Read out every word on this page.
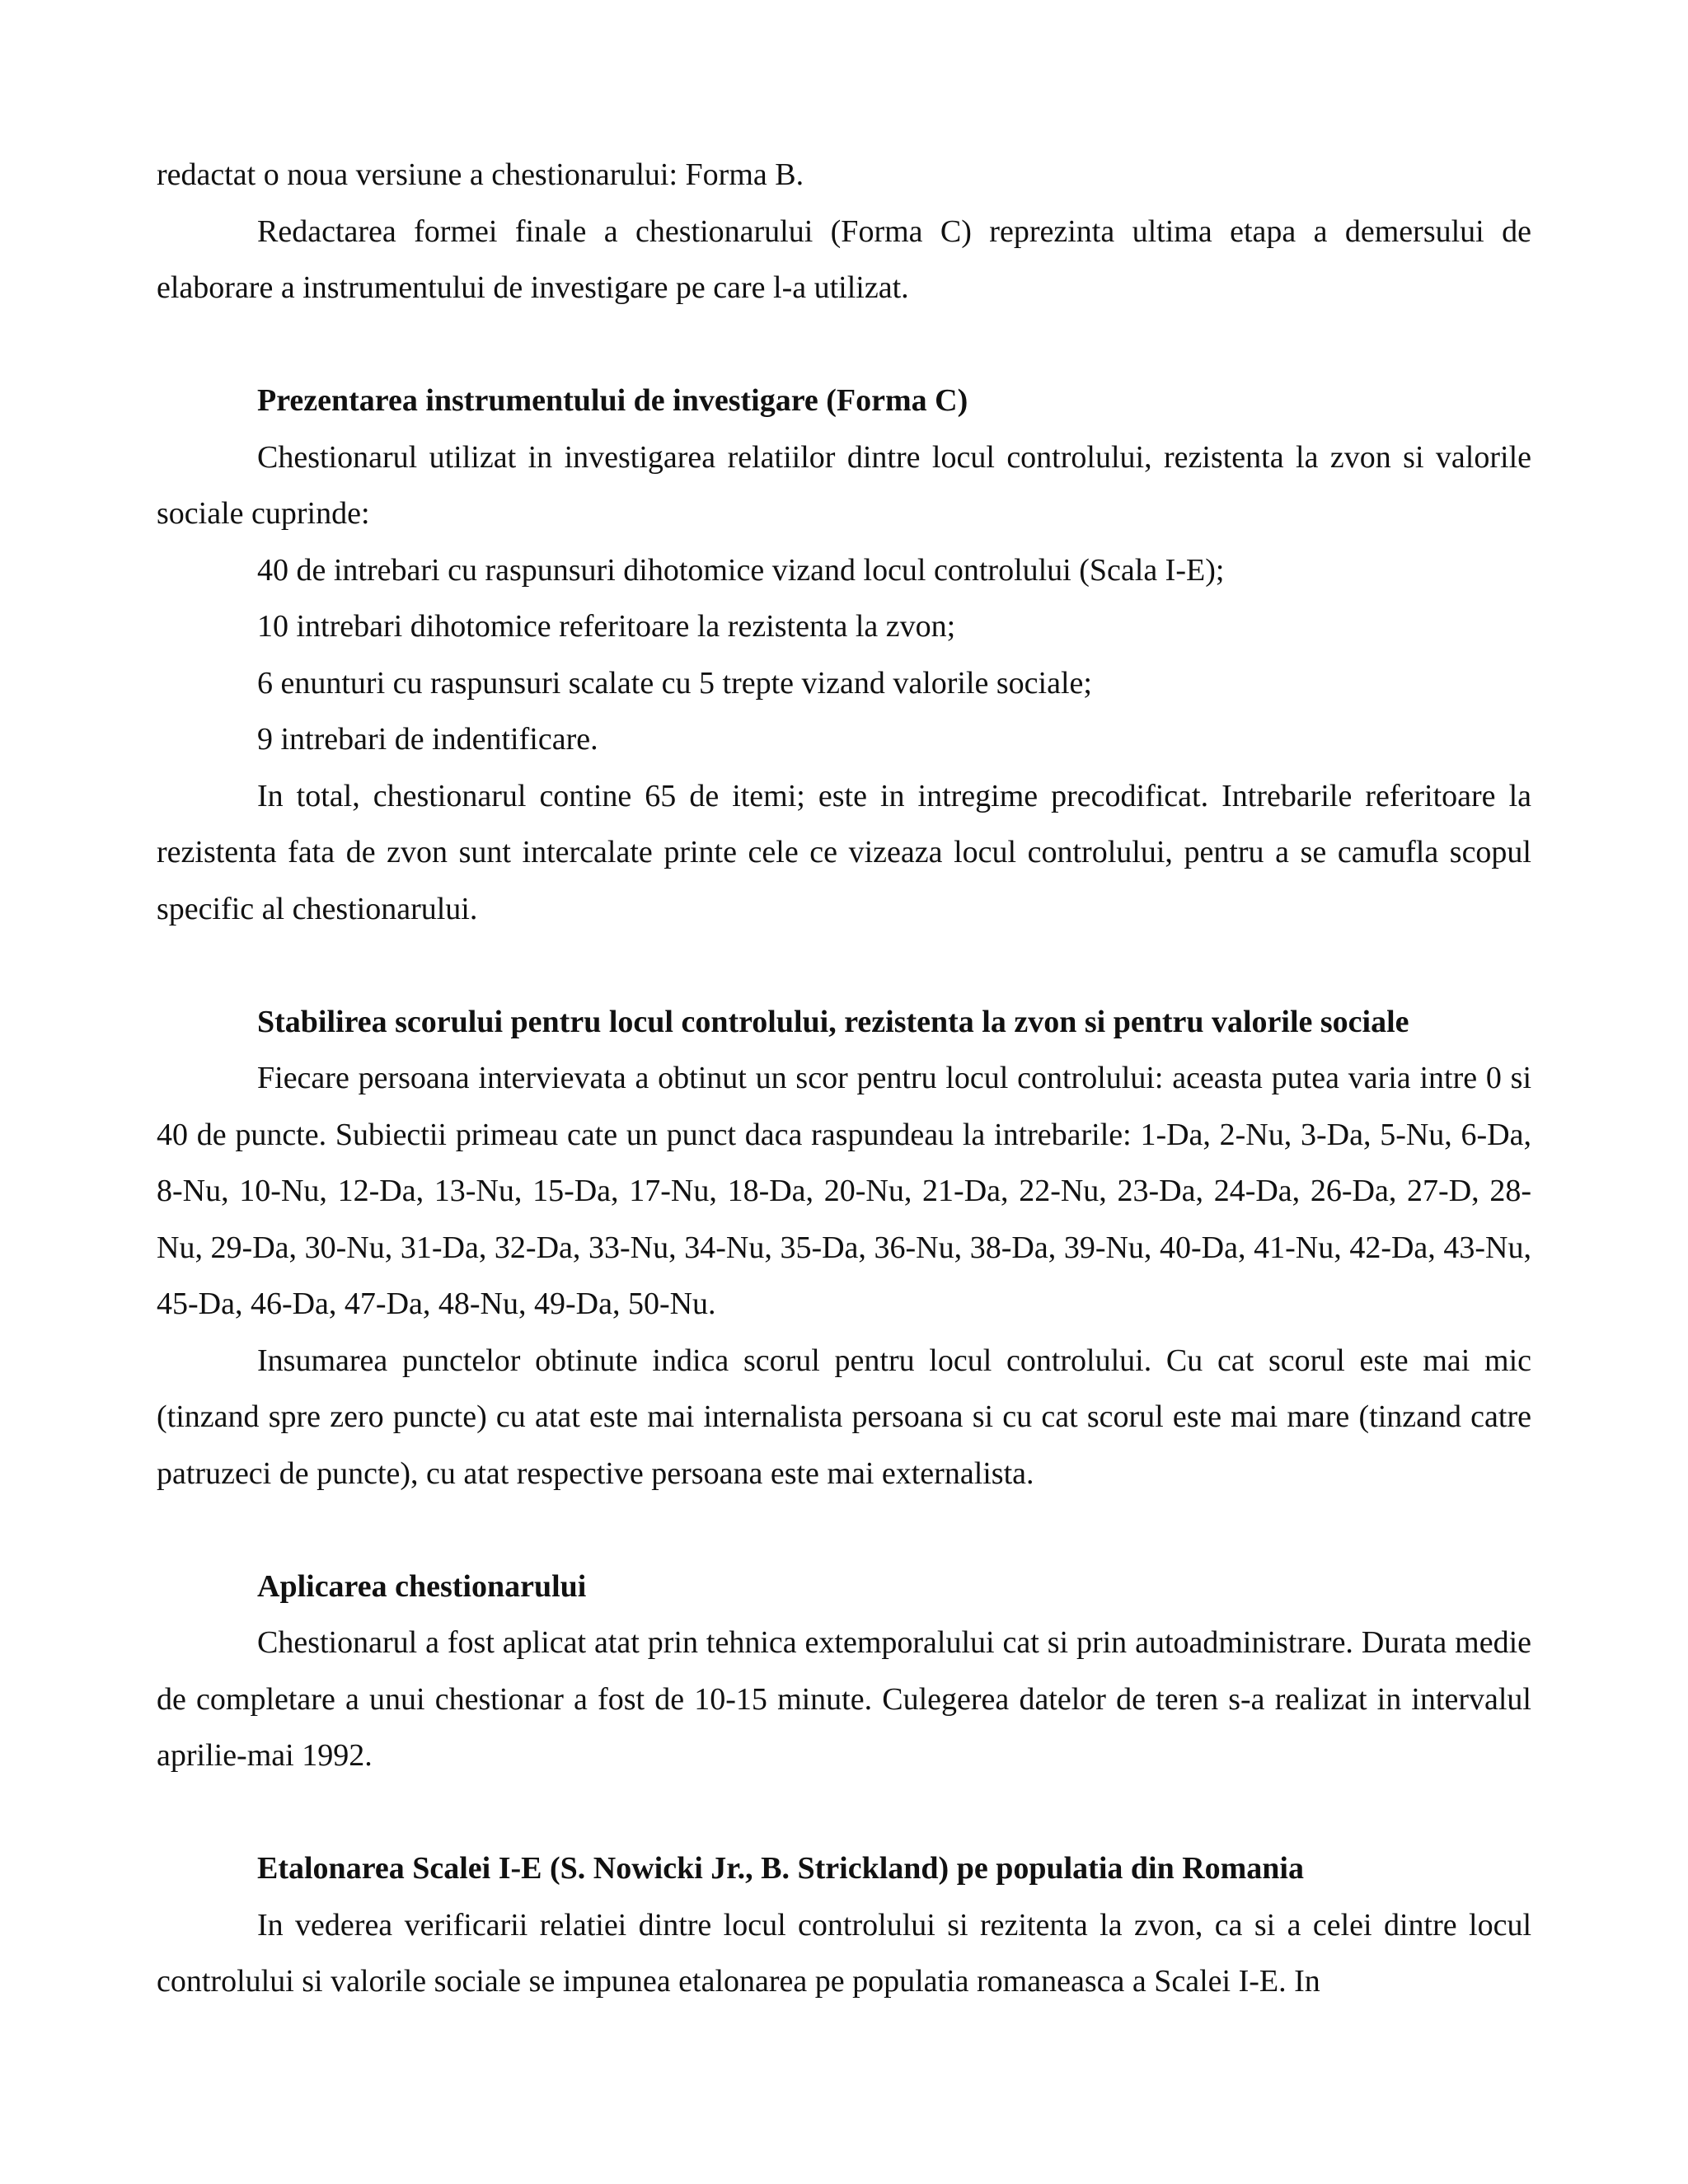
redactat o noua versiune a chestionarului: Forma B.

Redactarea formei finale a chestionarului (Forma C) reprezinta ultima etapa a demersului de elaborare a instrumentului de investigare pe care l-a utilizat.

Prezentarea instrumentului de investigare (Forma C)

Chestionarul utilizat in investigarea relatiilor dintre locul controlului, rezistenta la zvon si valorile sociale cuprinde:

40 de intrebari cu raspunsuri dihotomice vizand locul controlului (Scala I-E);

10 intrebari dihotomice referitoare la rezistenta la zvon;

6 enunturi cu raspunsuri scalate cu 5 trepte vizand valorile sociale;

9 intrebari de indentificare.

In total, chestionarul contine 65 de itemi; este in intregime precodificat. Intrebarile referitoare la rezistenta fata de zvon sunt intercalate printe cele ce vizeaza locul controlului, pentru a se camufla scopul specific al chestionarului.

Stabilirea scorului pentru locul controlului, rezistenta la zvon si pentru valorile sociale

Fiecare persoana intervievata a obtinut un scor pentru locul controlului: aceasta putea varia intre 0 si 40 de puncte. Subiectii primeau cate un punct daca raspundeau la intrebarile: 1-Da, 2-Nu, 3-Da, 5-Nu, 6-Da, 8-Nu, 10-Nu, 12-Da, 13-Nu, 15-Da, 17-Nu, 18-Da, 20-Nu, 21-Da, 22-Nu, 23-Da, 24-Da, 26-Da, 27-D, 28-Nu, 29-Da, 30-Nu, 31-Da, 32-Da, 33-Nu, 34-Nu, 35-Da, 36-Nu, 38-Da, 39-Nu, 40-Da, 41-Nu, 42-Da, 43-Nu, 45-Da, 46-Da, 47-Da, 48-Nu, 49-Da, 50-Nu.

Insumarea punctelor obtinute indica scorul pentru locul controlului. Cu cat scorul este mai mic (tinzand spre zero puncte) cu atat este mai internalista persoana si cu cat scorul este mai mare (tinzand catre patruzeci de puncte), cu atat respective persoana este mai externalista.

Aplicarea chestionarului

Chestionarul a fost aplicat atat prin tehnica extemporalului cat si prin autoadministrare. Durata medie de completare a unui chestionar a fost de 10-15 minute. Culegerea datelor de teren s-a realizat in intervalul aprilie-mai 1992.

Etalonarea Scalei I-E (S. Nowicki Jr., B. Strickland) pe populatia din Romania

In vederea verificarii relatiei dintre locul controlului si rezitenta la zvon, ca si a celei dintre locul controlului si valorile sociale se impunea etalonarea pe populatia romaneasca a Scalei I-E. In
